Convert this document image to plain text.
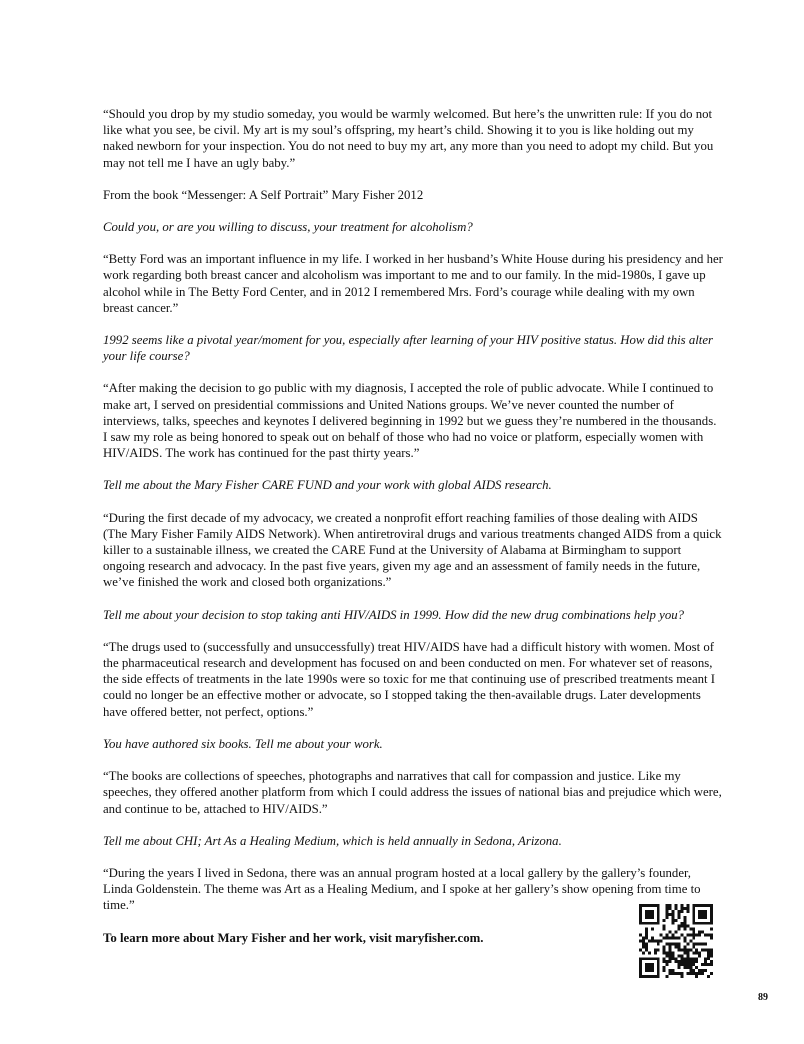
“Should you drop by my studio someday, you would be warmly welcomed. But here’s the unwritten rule: If you do not like what you see, be civil. My art is my soul’s offspring, my heart’s child. Showing it to you is like holding out my naked newborn for your inspection. You do not need to buy my art, any more than you need to adopt my child. But you may not tell me I have an ugly baby.”

From the book “Messenger: A Self Portrait” Mary Fisher 2012

Could you, or are you willing to discuss, your treatment for alcoholism?

“Betty Ford was an important influence in my life. I worked in her husband’s White House during his presidency and her work regarding both breast cancer and alcoholism was important to me and to our family. In the mid-1980s, I gave up alcohol while in The Betty Ford Center, and in 2012 I remembered Mrs. Ford’s courage while dealing with my own breast cancer.”

1992 seems like a pivotal year/moment for you, especially after learning of your HIV positive status. How did this alter your life course?

“After making the decision to go public with my diagnosis, I accepted the role of public advocate. While I continued to make art, I served on presidential commissions and United Nations groups. We’ve never counted the number of interviews, talks, speeches and keynotes I delivered beginning in 1992 but we guess they’re numbered in the thousands. I saw my role as being honored to speak out on behalf of those who had no voice or platform, especially women with HIV/AIDS. The work has continued for the past thirty years.”

Tell me about the Mary Fisher CARE FUND and your work with global AIDS research.

“During the first decade of my advocacy, we created a nonprofit effort reaching families of those dealing with AIDS (The Mary Fisher Family AIDS Network). When antiretroviral drugs and various treatments changed AIDS from a quick killer to a sustainable illness, we created the CARE Fund at the University of Alabama at Birmingham to support ongoing research and advocacy. In the past five years, given my age and an assessment of family needs in the future, we’ve finished the work and closed both organizations.”

Tell me about your decision to stop taking anti HIV/AIDS in 1999. How did the new drug combinations help you?

“The drugs used to (successfully and unsuccessfully) treat HIV/AIDS have had a difficult history with women. Most of the pharmaceutical research and development has focused on and been conducted on men. For whatever set of reasons, the side effects of treatments in the late 1990s were so toxic for me that continuing use of prescribed treatments meant I could no longer be an effective mother or advocate, so I stopped taking the then-available drugs. Later developments have offered better, not perfect, options.”

You have authored six books. Tell me about your work.

“The books are collections of speeches, photographs and narratives that call for compassion and justice. Like my speeches, they offered another platform from which I could address the issues of national bias and prejudice which were, and continue to be, attached to HIV/AIDS.”

Tell me about CHI; Art As a Healing Medium, which is held annually in Sedona, Arizona.

“During the years I lived in Sedona, there was an annual program hosted at a local gallery by the gallery’s founder, Linda Goldenstein. The theme was Art as a Healing Medium, and I spoke at her gallery’s show opening from time to time.”

To learn more about Mary Fisher and her work, visit maryfisher.com.

89
